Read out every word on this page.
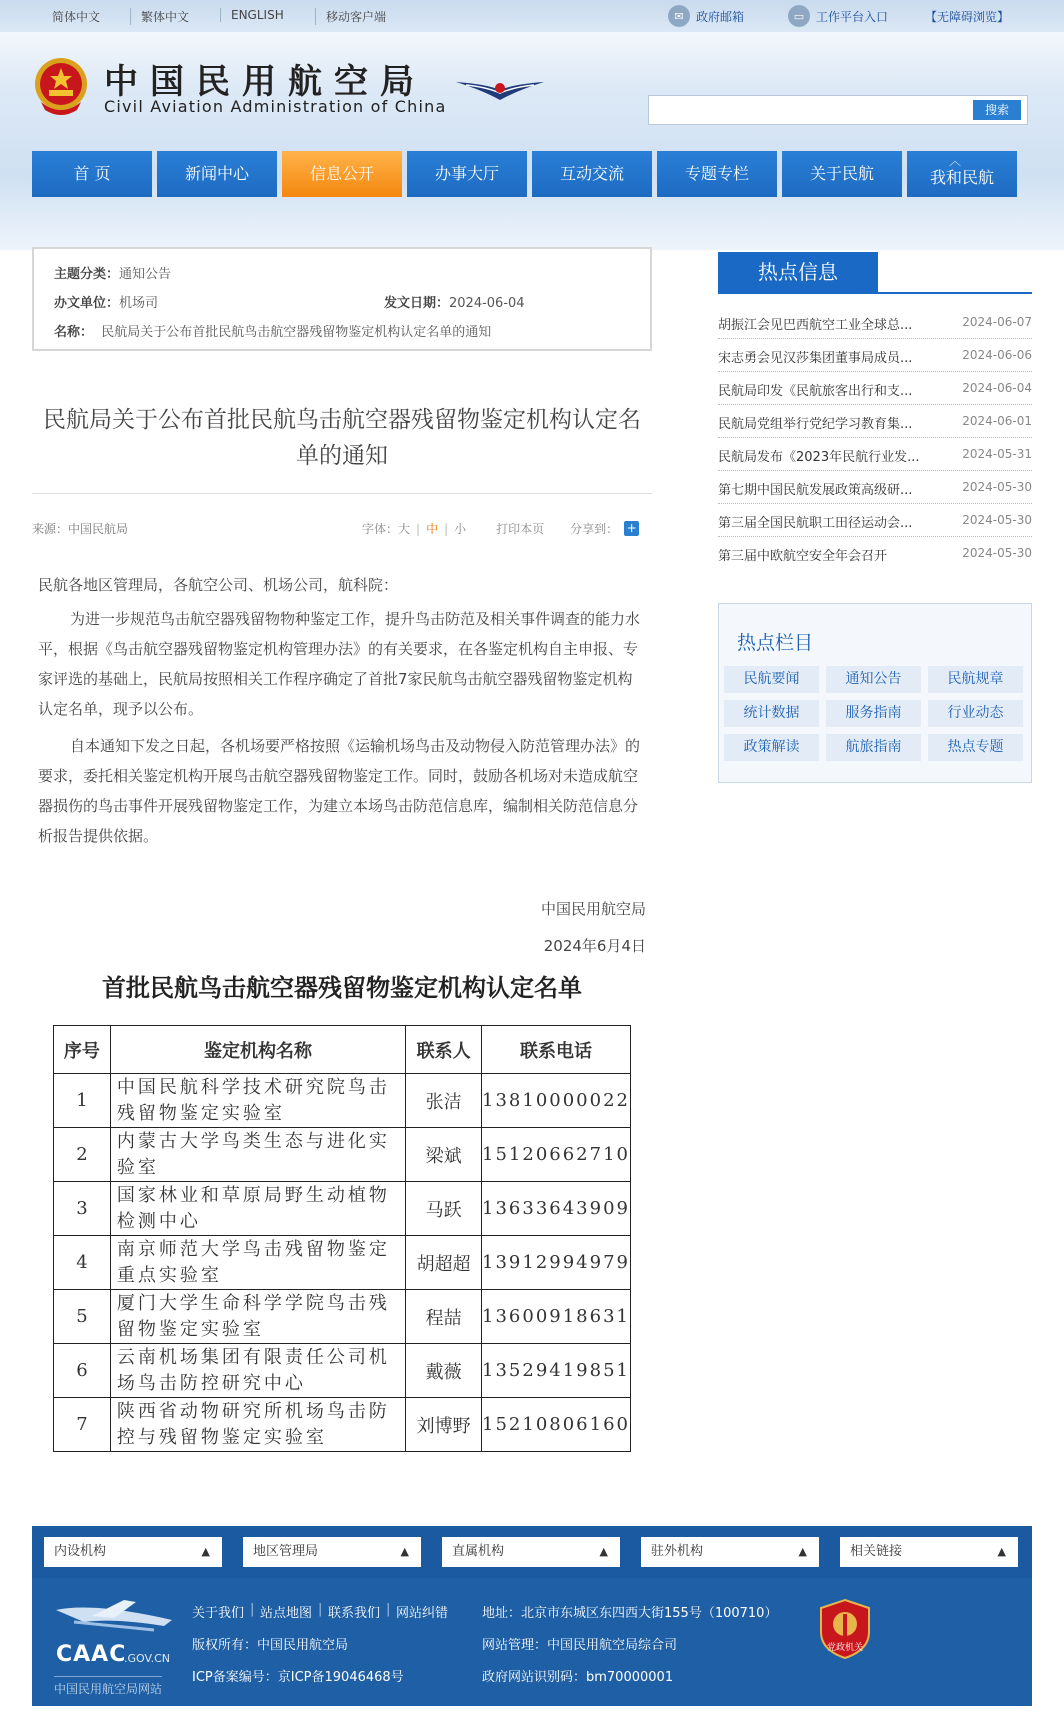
简体中文	繁体中文	ENGLISH	移动客户端	✉	政府邮箱	▭ 工作平台入口	【无障碍浏览】
中国民用航空局
Civil Aviation Administration of China	搜索
首 页	新闻中心	信息公开	办事大厅	互动交流	专题专栏	关于民航
︿
我和民航
主题分类：通知公告
办文单位：机场司	发文日期：2024-06-04
名称： 民航局关于公布首批民航鸟击航空器残留物鉴定机构认定名单的通知
民航局关于公布首批民航鸟击航空器残留物鉴定机构认定名单的通知
来源：中国民航局	字体： 大 | 中 | 小	打印本页 分享到： +

民航各地区管理局，各航空公司、机场公司，航科院：

为进一步规范鸟击航空器残留物物种鉴定工作，提升鸟击防范及相关事件调查的能力水平，根据《鸟击航空器残留物鉴定机构管理办法》的有关要求，在各鉴定机构自主申报、专家评选的基础上，民航局按照相关工作程序确定了首批7家民航鸟击航空器残留物鉴定机构认定名单，现予以公布。

自本通知下发之日起，各机场要严格按照《运输机场鸟击及动物侵入防范管理办法》的要求，委托相关鉴定机构开展鸟击航空器残留物鉴定工作。同时，鼓励各机场对未造成航空器损伤的鸟击事件开展残留物鉴定工作，为建立本场鸟击防范信息库，编制相关防范信息分析报告提供依据。

中国民用航空局
2024年6月4日
首批民航鸟击航空器残留物鉴定机构认定名单
序号	鉴定机构名称	联系人	联系电话
1	中国民航科学技术研究院鸟击残留物鉴定实验室	张洁	13810000022
2	内蒙古大学鸟类生态与进化实验室	梁斌	15120662710
3	国家林业和草原局野生动植物检测中心	马跃	13633643909
4	南京师范大学鸟击残留物鉴定重点实验室	胡超超	13912994979
5	厦门大学生命科学学院鸟击残留物鉴定实验室	程喆	13600918631
6	云南机场集团有限责任公司机场鸟击防控研究中心	戴薇	13529419851
7	陕西省动物研究所机场鸟击防控与残留物鉴定实验室	刘博野	15210806160
热点信息
胡振江会见巴西航空工业全球总...	2024-06-07
宋志勇会见汉莎集团董事局成员...	2024-06-06
民航局印发《民航旅客出行和支...	2024-06-04
民航局党组举行党纪学习教育集...	2024-06-01
民航局发布《2023年民航行业发...	2024-05-31
第七期中国民航发展政策高级研...	2024-05-30
第三届全国民航职工田径运动会...	2024-05-30
第三届中欧航空安全年会召开	2024-05-30
热点栏目
民航要闻	通知公告	民航规章
统计数据	服务指南	行业动态
政策解读	航旅指南	热点专题
内设机构	▲	地区管理局	▲	直属机构	▲	驻外机构	▲	相关链接	▲
CAAC
.GOV.CN
中国民用航空局网站
关于我们 | 站点地图 | 联系我们 | 网站纠错
版权所有：中国民用航空局
ICP备案编号：京ICP备19046468号
地址：北京市东城区东四西大街155号（100710）
网站管理：中国民用航空局综合司
政府网站识别码：bm70000001
党政机关
